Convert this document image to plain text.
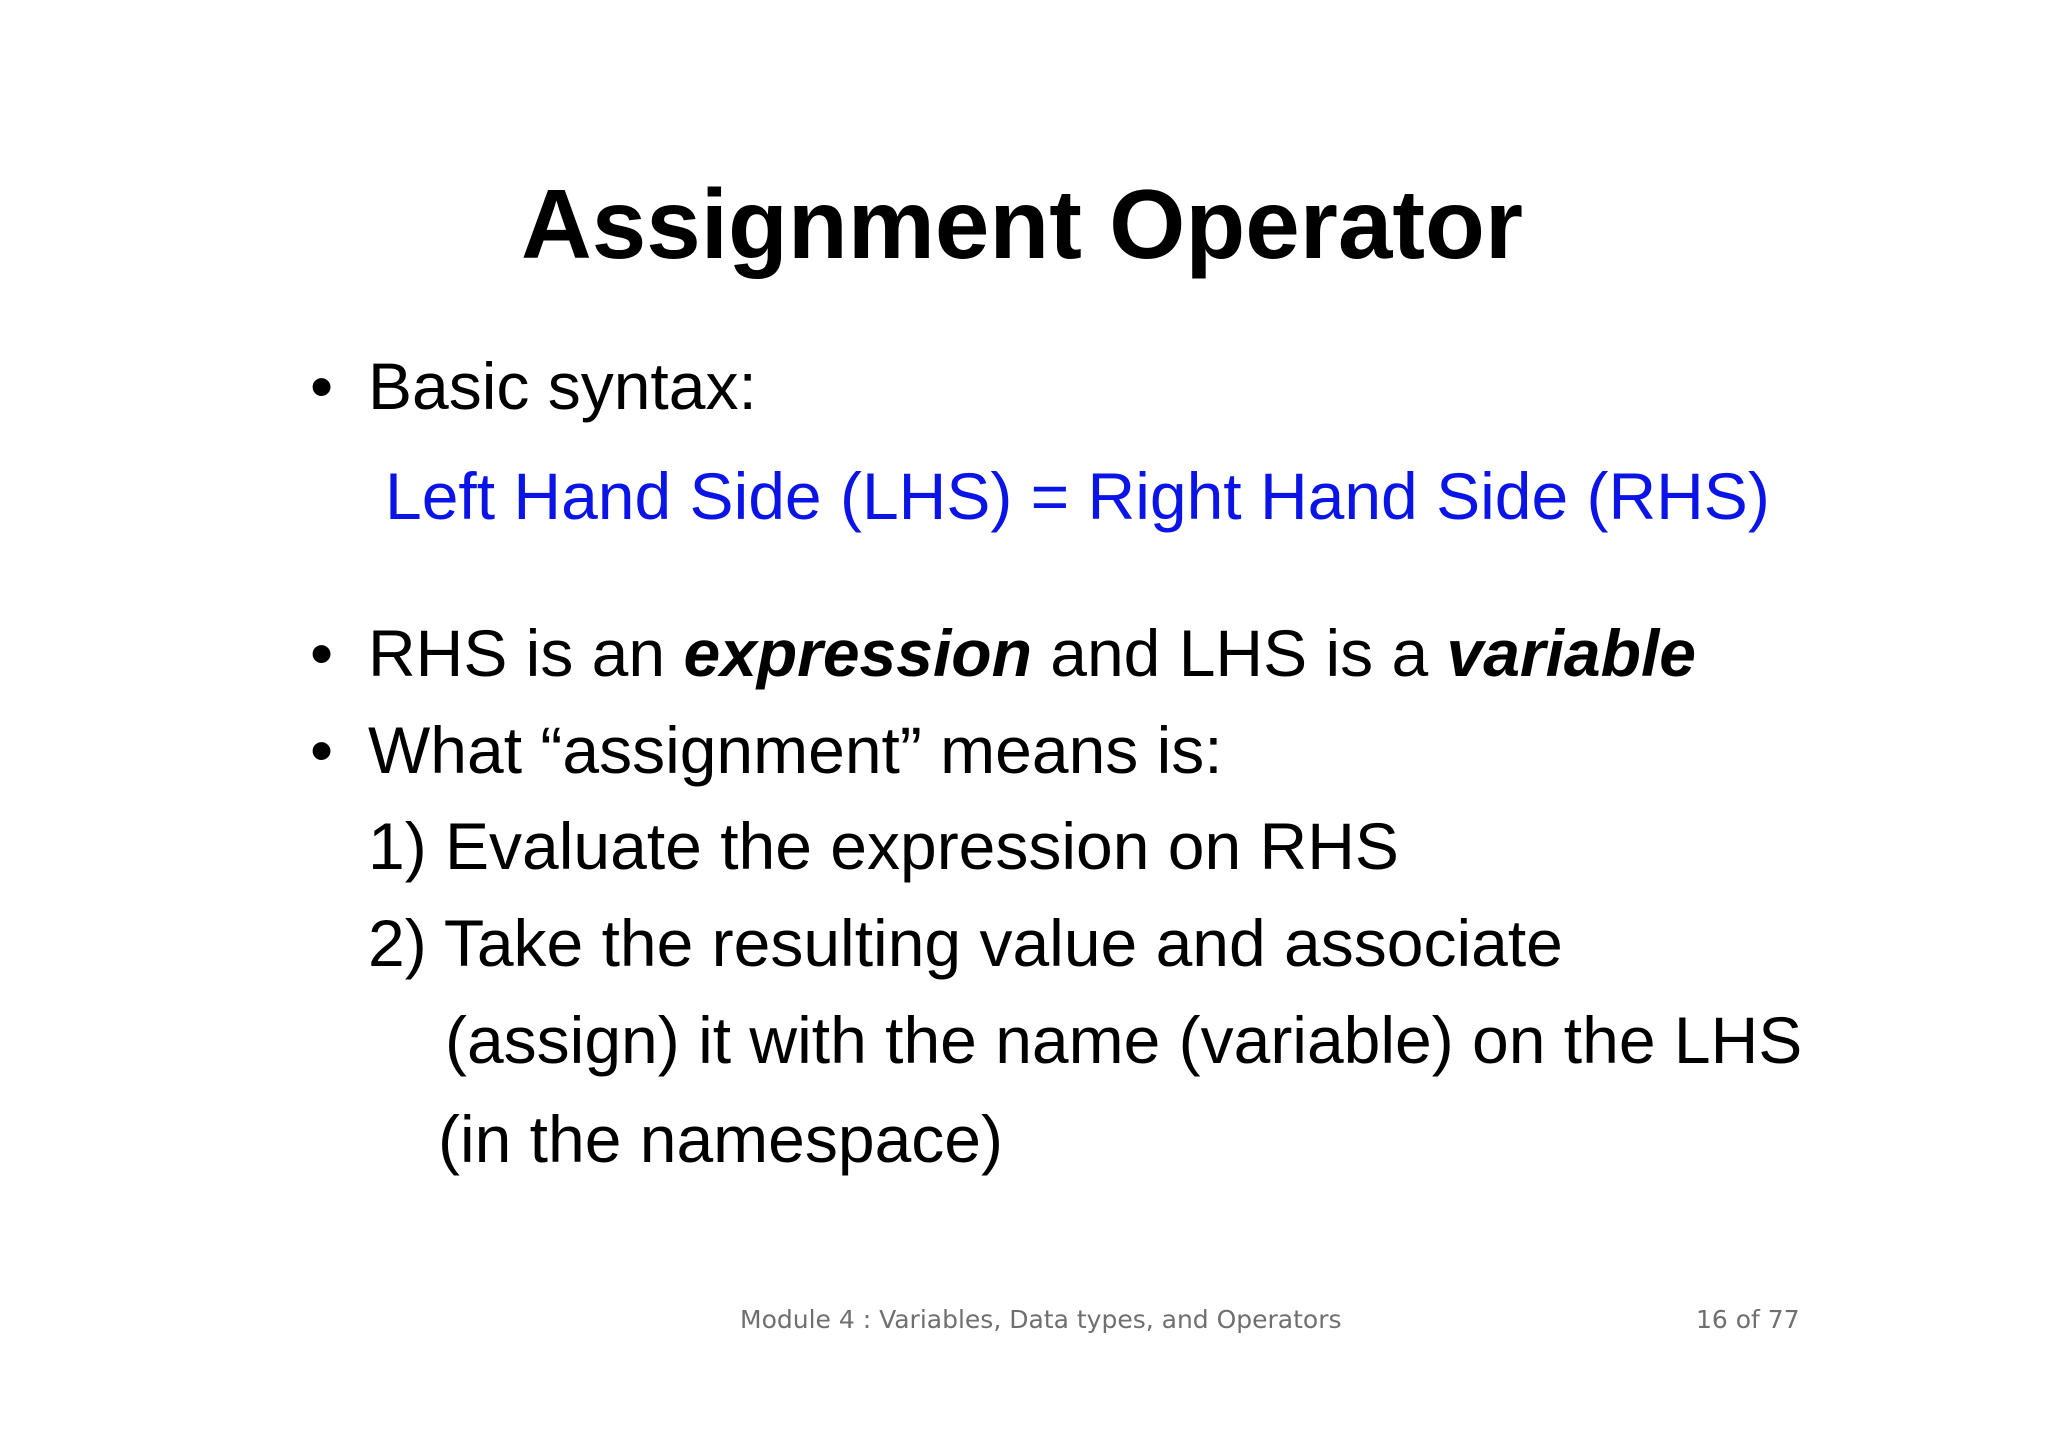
Assignment Operator
• Basic syntax:
Left Hand Side (LHS) = Right Hand Side (RHS)
• RHS is an expression and LHS is a variable
• What “assignment” means is:
1) Evaluate the expression on RHS
2) Take the resulting value and associate
(assign) it with the name (variable) on the LHS
(in the namespace)
Module 4 : Variables, Data types, and Operators	16 of 77
